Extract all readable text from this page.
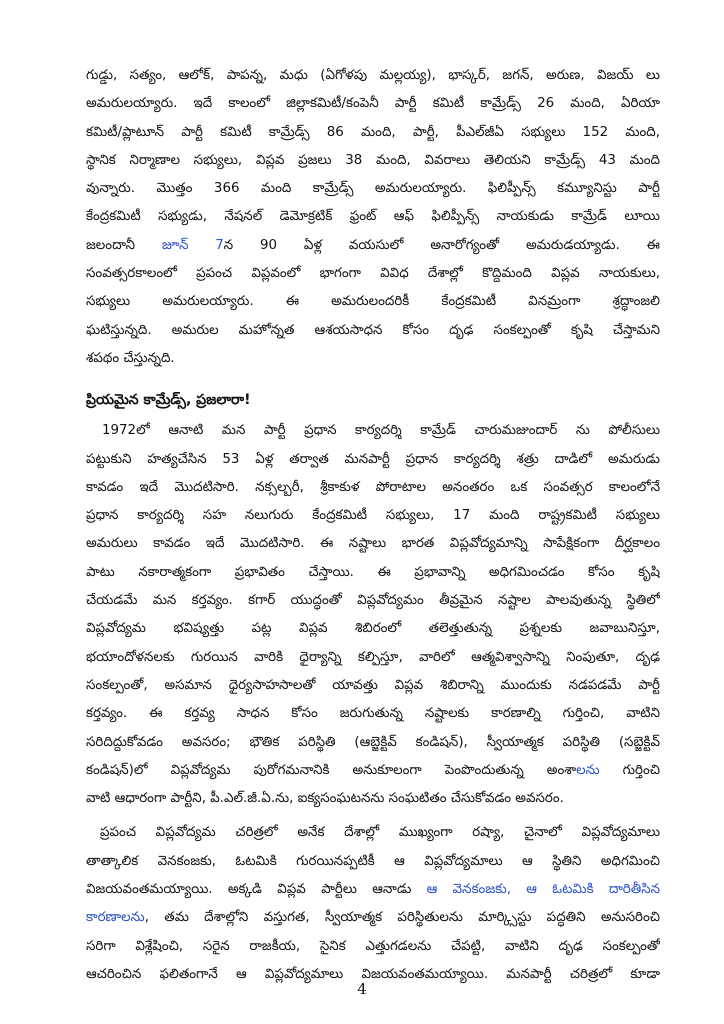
గుడ్డు, సత్యం, ఆలోక్, పాపన్న, మధు (ఏగోళపు మల్లయ్య), భాస్కర్, జగన్, అరుణ, విజయ్ లు
అమరులయ్యారు. ఇదే కాలంలో జిల్లాకమిటీ/కంపెనీ పార్టీ కమిటీ కామ్రేడ్స్ 26 మంది, ఏరియా
కమిటీ/ప్లాటూన్ పార్టీ కమిటీ కామ్రేడ్స్ 86 మంది, పార్టీ, పీఎల్‌జీఏ సభ్యులు 152 మంది,
స్థానిక నిర్మాణాల సభ్యులు, విప్లవ ప్రజలు 38 మంది, వివరాలు తెలియని కామ్రేడ్స్ 43 మంది
వున్నారు. మొత్తం 366 మంది కామ్రేడ్స్ అమరులయ్యారు. ఫిలిప్పీన్స్ కమ్యూనిస్టు పార్టీ
కేంద్రకమిటీ సభ్యుడు, నేషనల్ డెమోక్రటిక్ ఫ్రంట్ ఆఫ్ ఫిలిప్పీన్స్ నాయకుడు కామ్రేడ్ లూయి
జలందానీ జూన్ 7న 90 ఏళ్ల వయసులో అనారోగ్యంతో అమరుడయ్యాడు. ఈ
సంవత్సరకాలంలో ప్రపంచ విప్లవంలో భాగంగా వివిధ దేశాల్లో కొద్దిమంది విప్లవ నాయకులు,
సభ్యులు అమరులయ్యారు. ఈ అమరులందరికీ కేంద్రకమిటీ వినమ్రంగా శ్రద్ధాంజలి
ఘటిస్తున్నది. అమరుల మహోన్నత ఆశయసాధన కోసం దృఢ సంకల్పంతో కృషి చేస్తామని
శపథం చేస్తున్నది.
ప్రియమైన కామ్రేడ్స్, ప్రజలారా!
1972లో ఆనాటి మన పార్టీ ప్రధాన కార్యదర్శి కామ్రేడ్ చారుమజుందార్ ను పోలీసులు
పట్టుకుని హత్యచేసిన 53 ఏళ్ల తర్వాత మనపార్టీ ప్రధాన కార్యదర్శి శత్రు దాడిలో అమరుడు
కావడం ఇదే మొదటిసారి. నక్సల్బరీ, శ్రీకాకుళ పోరాటాల అనంతరం ఒక సంవత్సర కాలంలోనే
ప్రధాన కార్యదర్శి సహ నలుగురు కేంద్రకమిటీ సభ్యులు, 17 మంది రాష్ట్రకమిటీ సభ్యులు
అమరులు కావడం ఇదే మొదటిసారి. ఈ నష్టాలు భారత విప్లవోద్యమాన్ని సాపేక్షికంగా దీర్ఘకాలం
పాటు నకారాత్మకంగా ప్రభావితం చేస్తాయి. ఈ ప్రభావాన్ని అధిగమించడం కోసం కృషి
చేయడమే మన కర్తవ్యం. కగార్ యుద్ధంతో విప్లవోద్యమం తీవ్రమైన నష్టాల పాలవుతున్న స్థితిలో
విప్లవోద్యమ భవిష్యత్తు పట్ల విప్లవ శిబిరంలో తలెత్తుతున్న ప్రశ్నలకు జవాబునిస్తూ,
భయాందోళనలకు గురయిన వారికి ధైర్యాన్ని కల్పిస్తూ, వారిలో ఆత్మవిశ్వాసాన్ని నింపుతూ, దృఢ
సంకల్పంతో, అసమాన ధైర్యసాహసాలతో యావత్తు విప్లవ శిబిరాన్ని ముందుకు నడపడమే పార్టీ
కర్తవ్యం. ఈ కర్తవ్య సాధన కోసం జరుగుతున్న నష్టాలకు కారణాల్ని గుర్తించి, వాటిని
సరిదిద్దుకోవడం అవసరం; భౌతిక పరిస్థితి (ఆబ్జెక్టివ్ కండిషన్), స్వీయాత్మక పరిస్థితి (సబ్జెక్టివ్
కండిషన్)లో విప్లవోద్యమ పురోగమనానికి అనుకూలంగా పెంపొందుతున్న అంశాలను గుర్తించి
వాటి ఆధారంగా పార్టీని, పీ.ఎల్.జీ.ఏ.ను, ఐక్యసంఘటనను సంఘటితం చేసుకోవడం అవసరం.
ప్రపంచ విప్లవోద్యమ చరిత్రలో అనేక దేశాల్లో ముఖ్యంగా రష్యా, చైనాలో విప్లవోద్యమాలు
తాత్కాలిక వెనకంజకు, ఓటమికి గురయినప్పటికీ ఆ విప్లవోద్యమాలు ఆ స్థితిని అధిగమించి
విజయవంతమయ్యాయి. అక్కడి విప్లవ పార్టీలు ఆనాడు ఆ వెనకంజకు, ఆ ఓటమికి దారితీసిన
కారణాలను, తమ దేశాల్లోని వస్తుగత, స్వీయాత్మక పరిస్థితులను మార్క్సిస్టు పద్ధతిని అనుసరించి
సరిగా విశ్లేషించి, సరైన రాజకీయ, సైనిక ఎత్తుగడలను చేపట్టి, వాటిని దృఢ సంకల్పంతో
ఆచరించిన ఫలితంగానే ఆ విప్లవోద్యమాలు విజయవంతమయ్యాయి. మనపార్టీ చరిత్రలో కూడా
4
